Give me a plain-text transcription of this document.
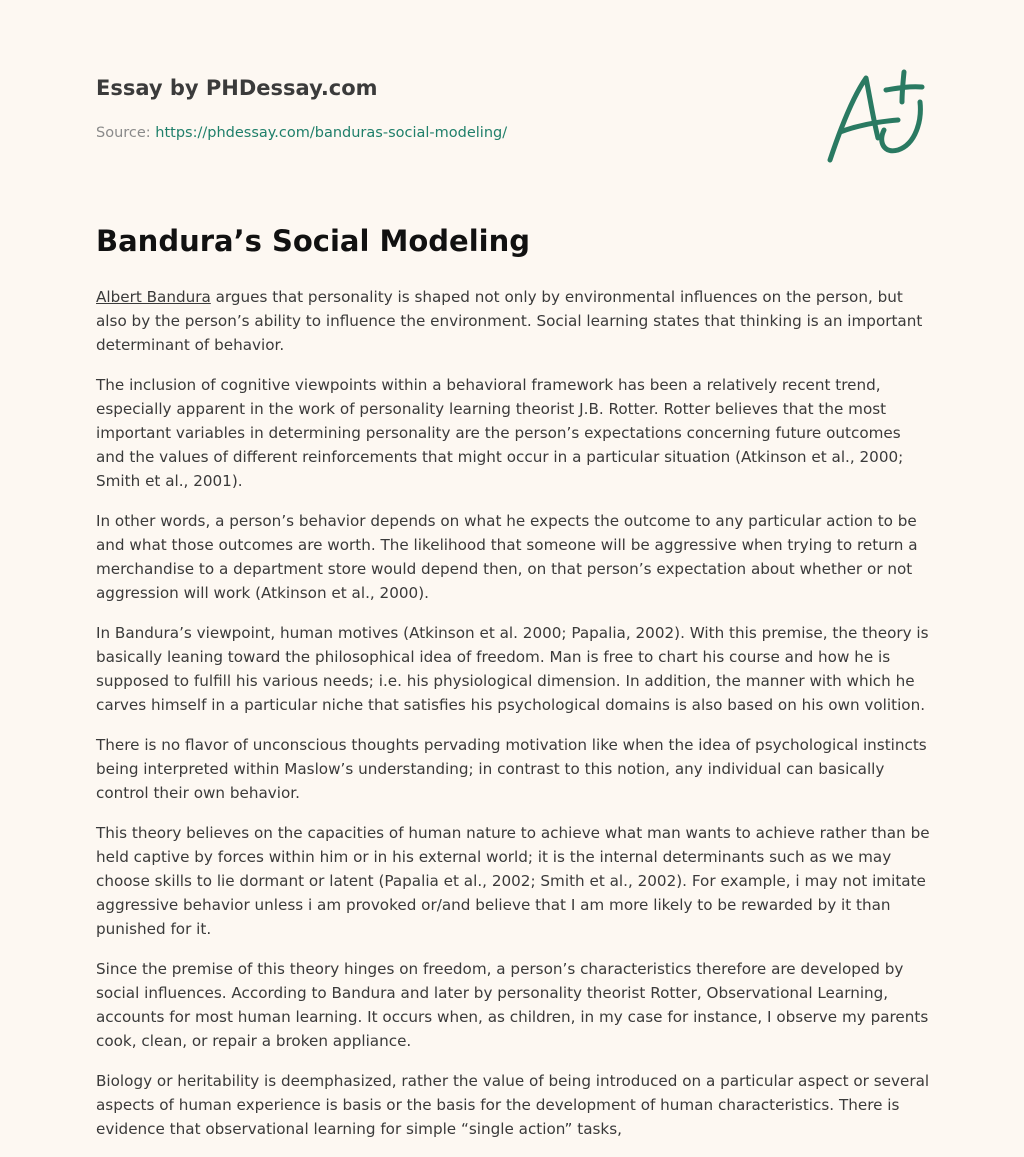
Essay by PHDessay.com
Source: https://phdessay.com/banduras-social-modeling/
Bandura’s Social Modeling

Albert Bandura argues that personality is shaped not only by environmental influences on the person, but also by the person’s ability to influence the environment. Social learning states that thinking is an important determinant of behavior.

The inclusion of cognitive viewpoints within a behavioral framework has been a relatively recent trend, especially apparent in the work of personality learning theorist J.B. Rotter. Rotter believes that the most important variables in determining personality are the person’s expectations concerning future outcomes and the values of different reinforcements that might occur in a particular situation (Atkinson et al., 2000; Smith et al., 2001).

In other words, a person’s behavior depends on what he expects the outcome to any particular action to be and what those outcomes are worth. The likelihood that someone will be aggressive when trying to return a merchandise to a department store would depend then, on that person’s expectation about whether or not aggression will work (Atkinson et al., 2000).

In Bandura’s viewpoint, human motives (Atkinson et al. 2000; Papalia, 2002). With this premise, the theory is basically leaning toward the philosophical idea of freedom. Man is free to chart his course and how he is supposed to fulfill his various needs; i.e. his physiological dimension. In addition, the manner with which he carves himself in a particular niche that satisfies his psychological domains is also based on his own volition.

There is no flavor of unconscious thoughts pervading motivation like when the idea of psychological instincts being interpreted within Maslow’s understanding; in contrast to this notion, any individual can basically control their own behavior.

This theory believes on the capacities of human nature to achieve what man wants to achieve rather than be held captive by forces within him or in his external world; it is the internal determinants such as we may choose skills to lie dormant or latent (Papalia et al., 2002; Smith et al., 2002). For example, i may not imitate aggressive behavior unless i am provoked or/and believe that I am more likely to be rewarded by it than punished for it.

Since the premise of this theory hinges on freedom, a person’s characteristics therefore are developed by social influences. According to Bandura and later by personality theorist Rotter, Observational Learning, accounts for most human learning. It occurs when, as children, in my case for instance, I observe my parents cook, clean, or repair a broken appliance.

Biology or heritability is deemphasized, rather the value of being introduced on a particular aspect or several aspects of human experience is basis or the basis for the development of human characteristics. There is evidence that observational learning for simple “single action” tasks,
